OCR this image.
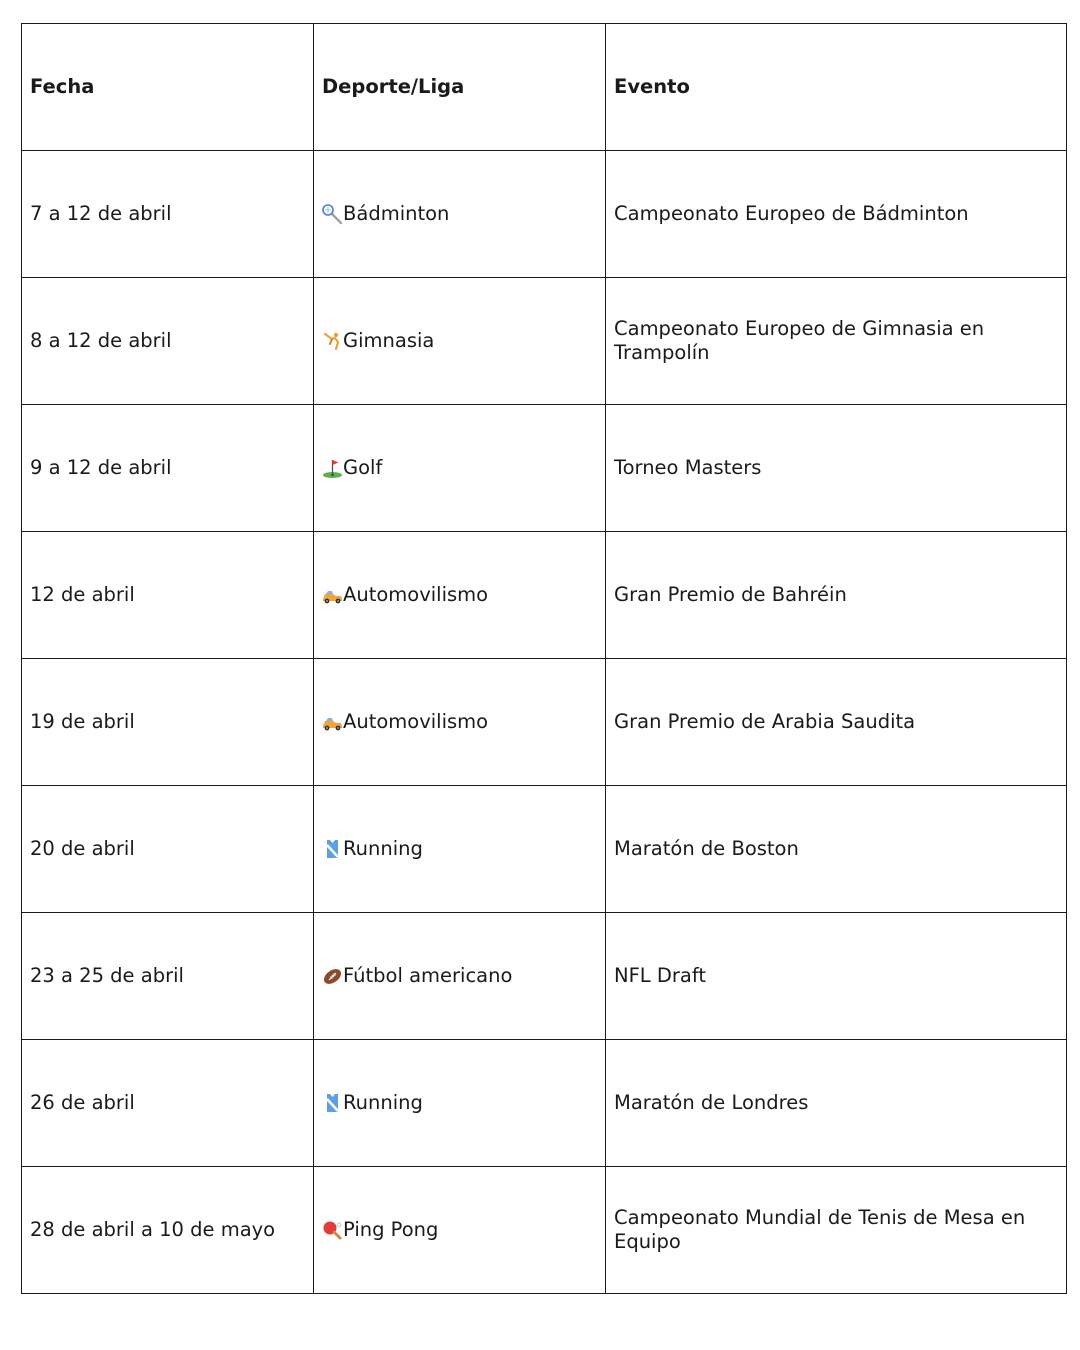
Fecha	Deporte/Liga	Evento
7 a 12 de abril	Bádminton	Campeonato Europeo de Bádminton
8 a 12 de abril	Gimnasia	Campeonato Europeo de Gimnasia en Trampolín
9 a 12 de abril	Golf	Torneo Masters
12 de abril	Automovilismo	Gran Premio de Bahréin
19 de abril	Automovilismo	Gran Premio de Arabia Saudita
20 de abril	Running	Maratón de Boston
23 a 25 de abril	Fútbol americano	NFL Draft
26 de abril	Running	Maratón de Londres
28 de abril a 10 de mayo	Ping Pong	Campeonato Mundial de Tenis de Mesa en Equipo
